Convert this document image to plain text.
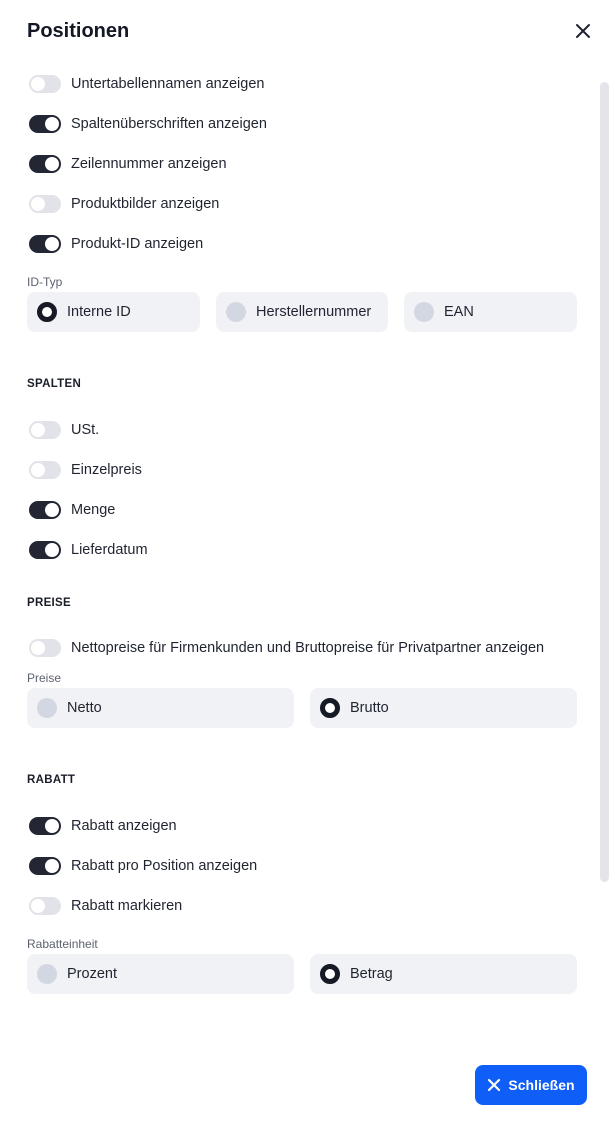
Positionen
Untertabellennamen anzeigen
Spaltenüberschriften anzeigen
Zeilennummer anzeigen
Produktbilder anzeigen
Produkt-ID anzeigen
ID-Typ
Interne ID	Herstellernummer	EAN
SPALTEN
USt.
Einzelpreis
Menge
Lieferdatum
PREISE
Nettopreise für Firmenkunden und Bruttopreise für Privatpartner anzeigen
Preise
Netto	Brutto
RABATT
Rabatt anzeigen
Rabatt pro Position anzeigen
Rabatt markieren
Rabatteinheit
Prozent	Betrag
Schließen
